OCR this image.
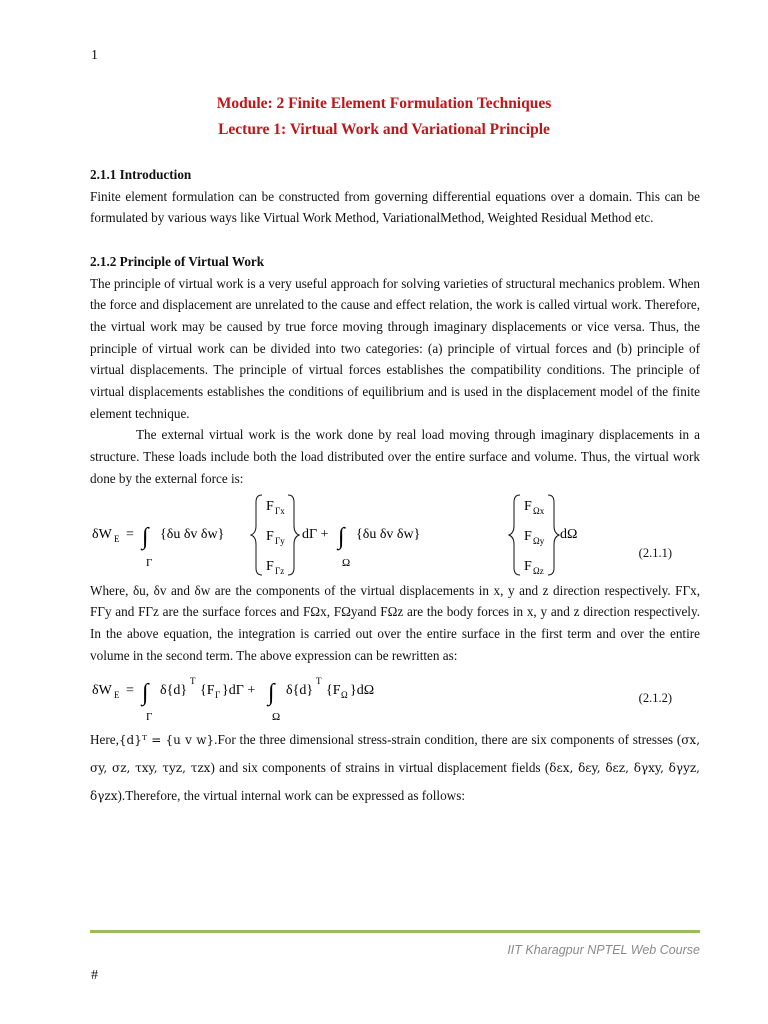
1
Module: 2 Finite Element Formulation Techniques
Lecture 1: Virtual Work and Variational Principle
2.1.1 Introduction

Finite element formulation can be constructed from governing differential equations over a domain. This can be formulated by various ways like Virtual Work Method, VariationalMethod, Weighted Residual Method etc.

2.1.2 Principle of Virtual Work

The principle of virtual work is a very useful approach for solving varieties of structural mechanics problem. When the force and displacement are unrelated to the cause and effect relation, the work is called virtual work. Therefore, the virtual work may be caused by true force moving through imaginary displacements or vice versa. Thus, the principle of virtual work can be divided into two categories: (a) principle of virtual forces and (b) principle of virtual displacements. The principle of virtual forces establishes the compatibility conditions. The principle of virtual displacements establishes the conditions of equilibrium and is used in the displacement model of the finite element technique.

The external virtual work is the work done by real load moving through imaginary displacements in a structure. These loads include both the load distributed over the entire surface and volume. Thus, the virtual work done by the external force is:

δW E = ∫
Γ
{δu δv δw}
F Γx
F Γy
F Γz
dΓ + ∫
Ω
{δu δv δw}
F Ωx
F Ωy
F Ωz
dΩ
(2.1.1)

Where, δu, δv and δw are the components of the virtual displacements in x, y and z direction respectively. FΓx, FΓy and FΓz are the surface forces and FΩx, FΩyand FΩz are the body forces in x, y and z direction respectively. In the above equation, the integration is carried out over the entire surface in the first term and over the entire volume in the second term. The above expression can be rewritten as:

δW E = ∫
Γ
δ{d}
T
{F Γ }dΓ + ∫
Ω
δ{d}
T
{F Ω }dΩ	(2.1.2)

Here,{d}ᵀ = {u v w}.For the three dimensional stress-strain condition, there are six components of stresses (σx, σy, σz, τxy, τyz, τzx) and six components of strains in virtual displacement fields (δεx, δεy, δεz, δγxy, δγyz, δγzx).Therefore, the virtual internal work can be expressed as follows:

IIT Kharagpur NPTEL Web Course
#
